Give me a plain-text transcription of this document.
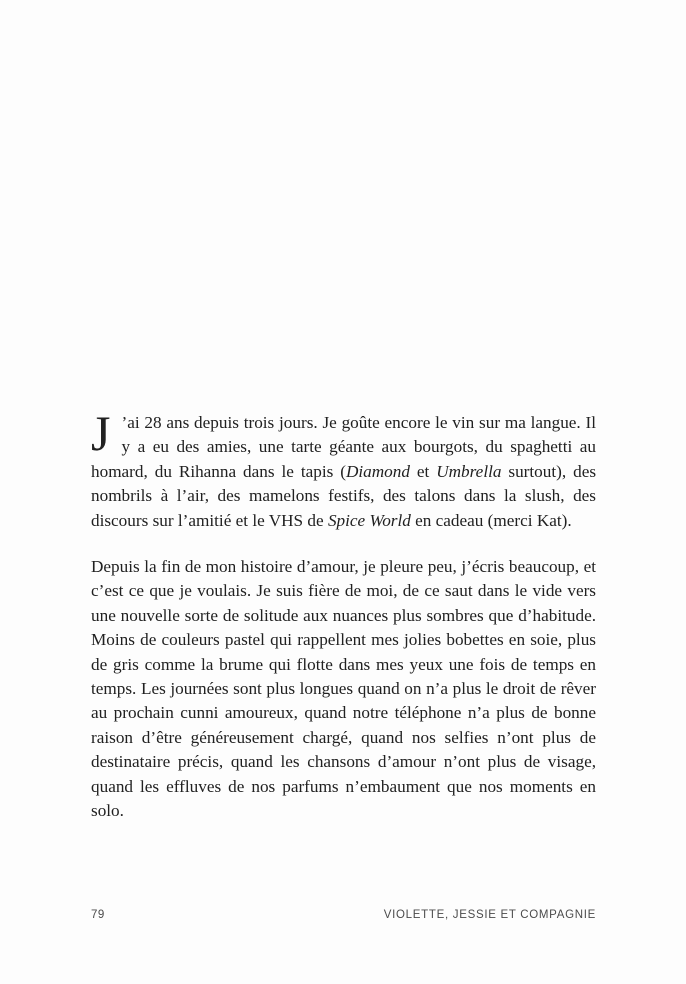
J ’ai 28 ans depuis trois jours. Je goûte encore le vin sur ma langue. Il y a eu des amies, une tarte géante aux bourgots, du spaghetti au homard, du Rihanna dans le tapis (Diamond et Umbrella surtout), des nombrils à l’air, des mamelons festifs, des talons dans la slush, des discours sur l’amitié et le VHS de Spice World en cadeau (merci Kat).

Depuis la fin de mon histoire d’amour, je pleure peu, j’écris beaucoup, et c’est ce que je voulais. Je suis fière de moi, de ce saut dans le vide vers une nouvelle sorte de solitude aux nuances plus sombres que d’habitude. Moins de couleurs pastel qui rappellent mes jolies bobettes en soie, plus de gris comme la brume qui flotte dans mes yeux une fois de temps en temps. Les journées sont plus longues quand on n’a plus le droit de rêver au prochain cunni amoureux, quand notre téléphone n’a plus de bonne raison d’être généreusement chargé, quand nos selfies n’ont plus de destinataire précis, quand les chansons d’amour n’ont plus de visage, quand les effluves de nos parfums n’embaument que nos moments en solo.

79	VIOLETTE, JESSIE ET COMPAGNIE
